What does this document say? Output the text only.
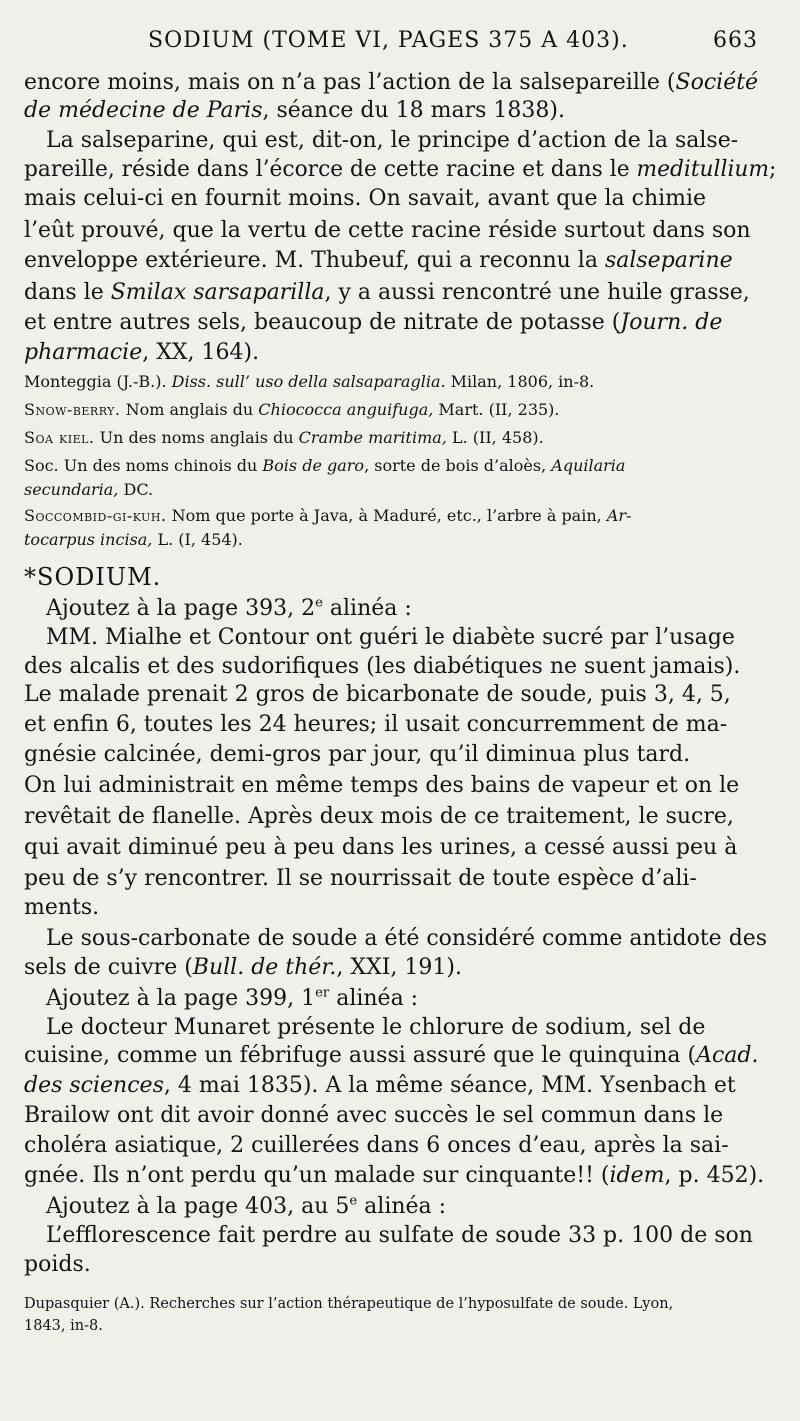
SODIUM (TOME VI, PAGES 375 A 403).	663
encore moins, mais on n’a pas l’action de la salsepareille (Société
de médecine de Paris, séance du 18 mars 1838).
La salseparine, qui est, dit-on, le principe d’action de la salse-
pareille, réside dans l’écorce de cette racine et dans le meditullium;
mais celui-ci en fournit moins. On savait, avant que la chimie
l’eût prouvé, que la vertu de cette racine réside surtout dans son
enveloppe extérieure. M. Thubeuf, qui a reconnu la salseparine
dans le Smilax sarsaparilla, y a aussi rencontré une huile grasse,
et entre autres sels, beaucoup de nitrate de potasse (Journ. de
pharmacie, XX, 164).
Monteggia (J.-B.). Diss. sull’ uso della salsaparaglia. Milan, 1806, in-8.
Snow-berry. Nom anglais du Chiococca anguifuga, Mart. (II, 235).
Soa kiel. Un des noms anglais du Crambe maritima, L. (II, 458).
Soc. Un des noms chinois du Bois de garo, sorte de bois d’aloès, Aquilaria
secundaria, DC.
Soccombid-gi-kuh. Nom que porte à Java, à Maduré, etc., l’arbre à pain, Ar-
tocarpus incisa, L. (I, 454).
*SODIUM.
Ajoutez à la page 393, 2e alinéa :
MM. Mialhe et Contour ont guéri le diabète sucré par l’usage
des alcalis et des sudorifiques (les diabétiques ne suent jamais).
Le malade prenait 2 gros de bicarbonate de soude, puis 3, 4, 5,
et enfin 6, toutes les 24 heures; il usait concurremment de ma-
gnésie calcinée, demi-gros par jour, qu’il diminua plus tard.
On lui administrait en même temps des bains de vapeur et on le
revêtait de flanelle. Après deux mois de ce traitement, le sucre,
qui avait diminué peu à peu dans les urines, a cessé aussi peu à
peu de s’y rencontrer. Il se nourrissait de toute espèce d’ali-
ments.
Le sous-carbonate de soude a été considéré comme antidote des
sels de cuivre (Bull. de thér., XXI, 191).
Ajoutez à la page 399, 1er alinéa :
Le docteur Munaret présente le chlorure de sodium, sel de
cuisine, comme un fébrifuge aussi assuré que le quinquina (Acad.
des sciences, 4 mai 1835). A la même séance, MM. Ysenbach et
Brailow ont dit avoir donné avec succès le sel commun dans le
choléra asiatique, 2 cuillerées dans 6 onces d’eau, après la sai-
gnée. Ils n’ont perdu qu’un malade sur cinquante!! (idem, p. 452).
Ajoutez à la page 403, au 5e alinéa :
L’efflorescence fait perdre au sulfate de soude 33 p. 100 de son
poids.
Dupasquier (A.). Recherches sur l’action thérapeutique de l’hyposulfate de soude. Lyon,
1843, in-8.
